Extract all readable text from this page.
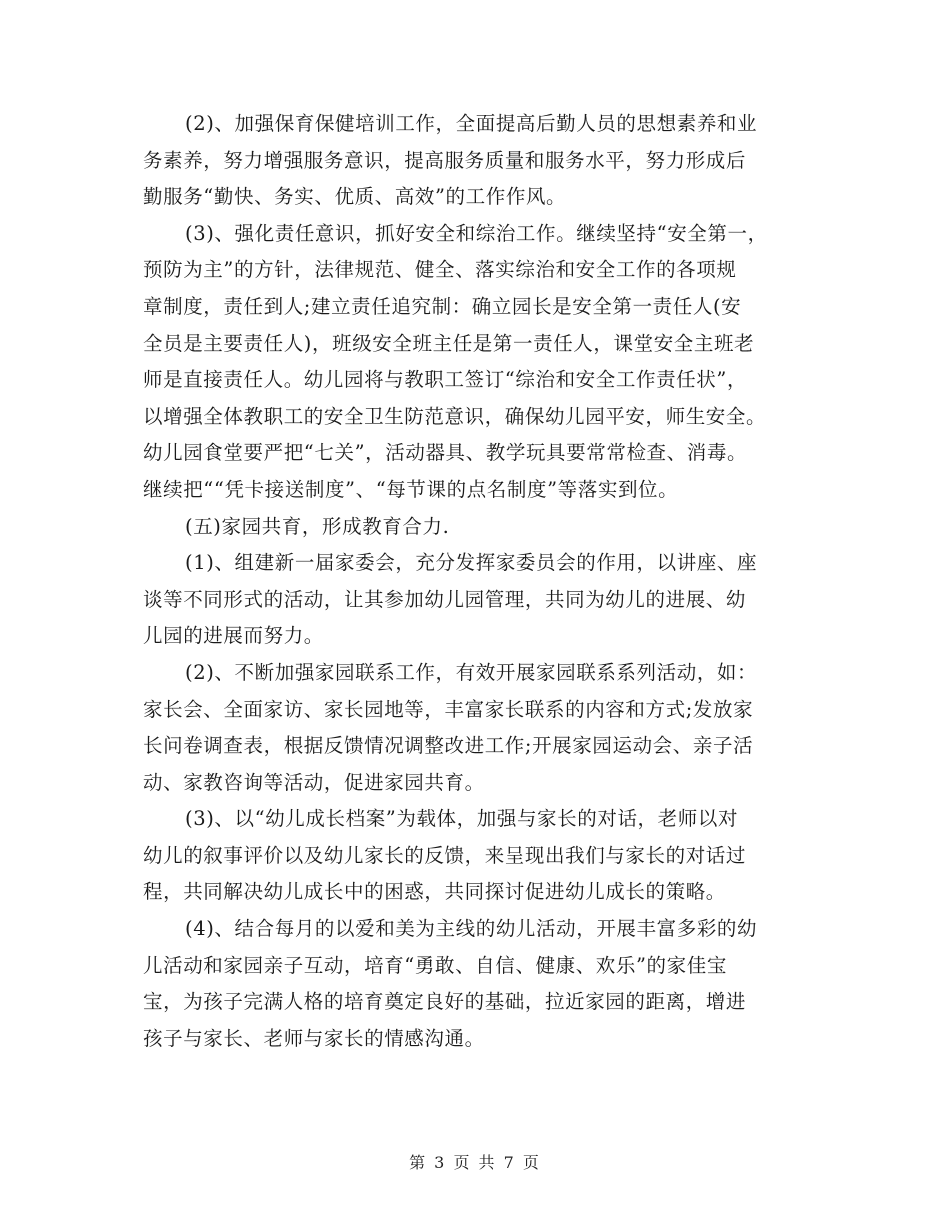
(2)、加强保育保健培训工作，全面提高后勤人员的思想素养和业
务素养，努力增强服务意识，提高服务质量和服务水平，努力形成后
勤服务“勤快、务实、优质、高效”的工作作风。

(3)、强化责任意识，抓好安全和综治工作。继续坚持“安全第一，
预防为主”的方针，法律规范、健全、落实综治和安全工作的各项规
章制度，责任到人;建立责任追究制：确立园长是安全第一责任人(安
全员是主要责任人)，班级安全班主任是第一责任人，课堂安全主班老
师是直接责任人。幼儿园将与教职工签订“综治和安全工作责任状”，
以增强全体教职工的安全卫生防范意识，确保幼儿园平安，师生安全。
幼儿园食堂要严把“七关”，活动器具、教学玩具要常常检查、消毒。
继续把““凭卡接送制度”、“每节课的点名制度”等落实到位。

(五)家园共育，形成教育合力.

(1)、组建新一届家委会，充分发挥家委员会的作用，以讲座、座
谈等不同形式的活动，让其参加幼儿园管理，共同为幼儿的进展、幼
儿园的进展而努力。

(2)、不断加强家园联系工作，有效开展家园联系系列活动，如：
家长会、全面家访、家长园地等，丰富家长联系的内容和方式;发放家
长问卷调查表，根据反馈情况调整改进工作;开展家园运动会、亲子活
动、家教咨询等活动，促进家园共育。

(3)、以“幼儿成长档案”为载体，加强与家长的对话，老师以对
幼儿的叙事评价以及幼儿家长的反馈，来呈现出我们与家长的对话过
程，共同解决幼儿成长中的困惑，共同探讨促进幼儿成长的策略。

(4)、结合每月的以爱和美为主线的幼儿活动，开展丰富多彩的幼
儿活动和家园亲子互动，培育“勇敢、自信、健康、欢乐”的家佳宝
宝，为孩子完满人格的培育奠定良好的基础，拉近家园的距离，增进
孩子与家长、老师与家长的情感沟通。

第 3 页 共 7 页
